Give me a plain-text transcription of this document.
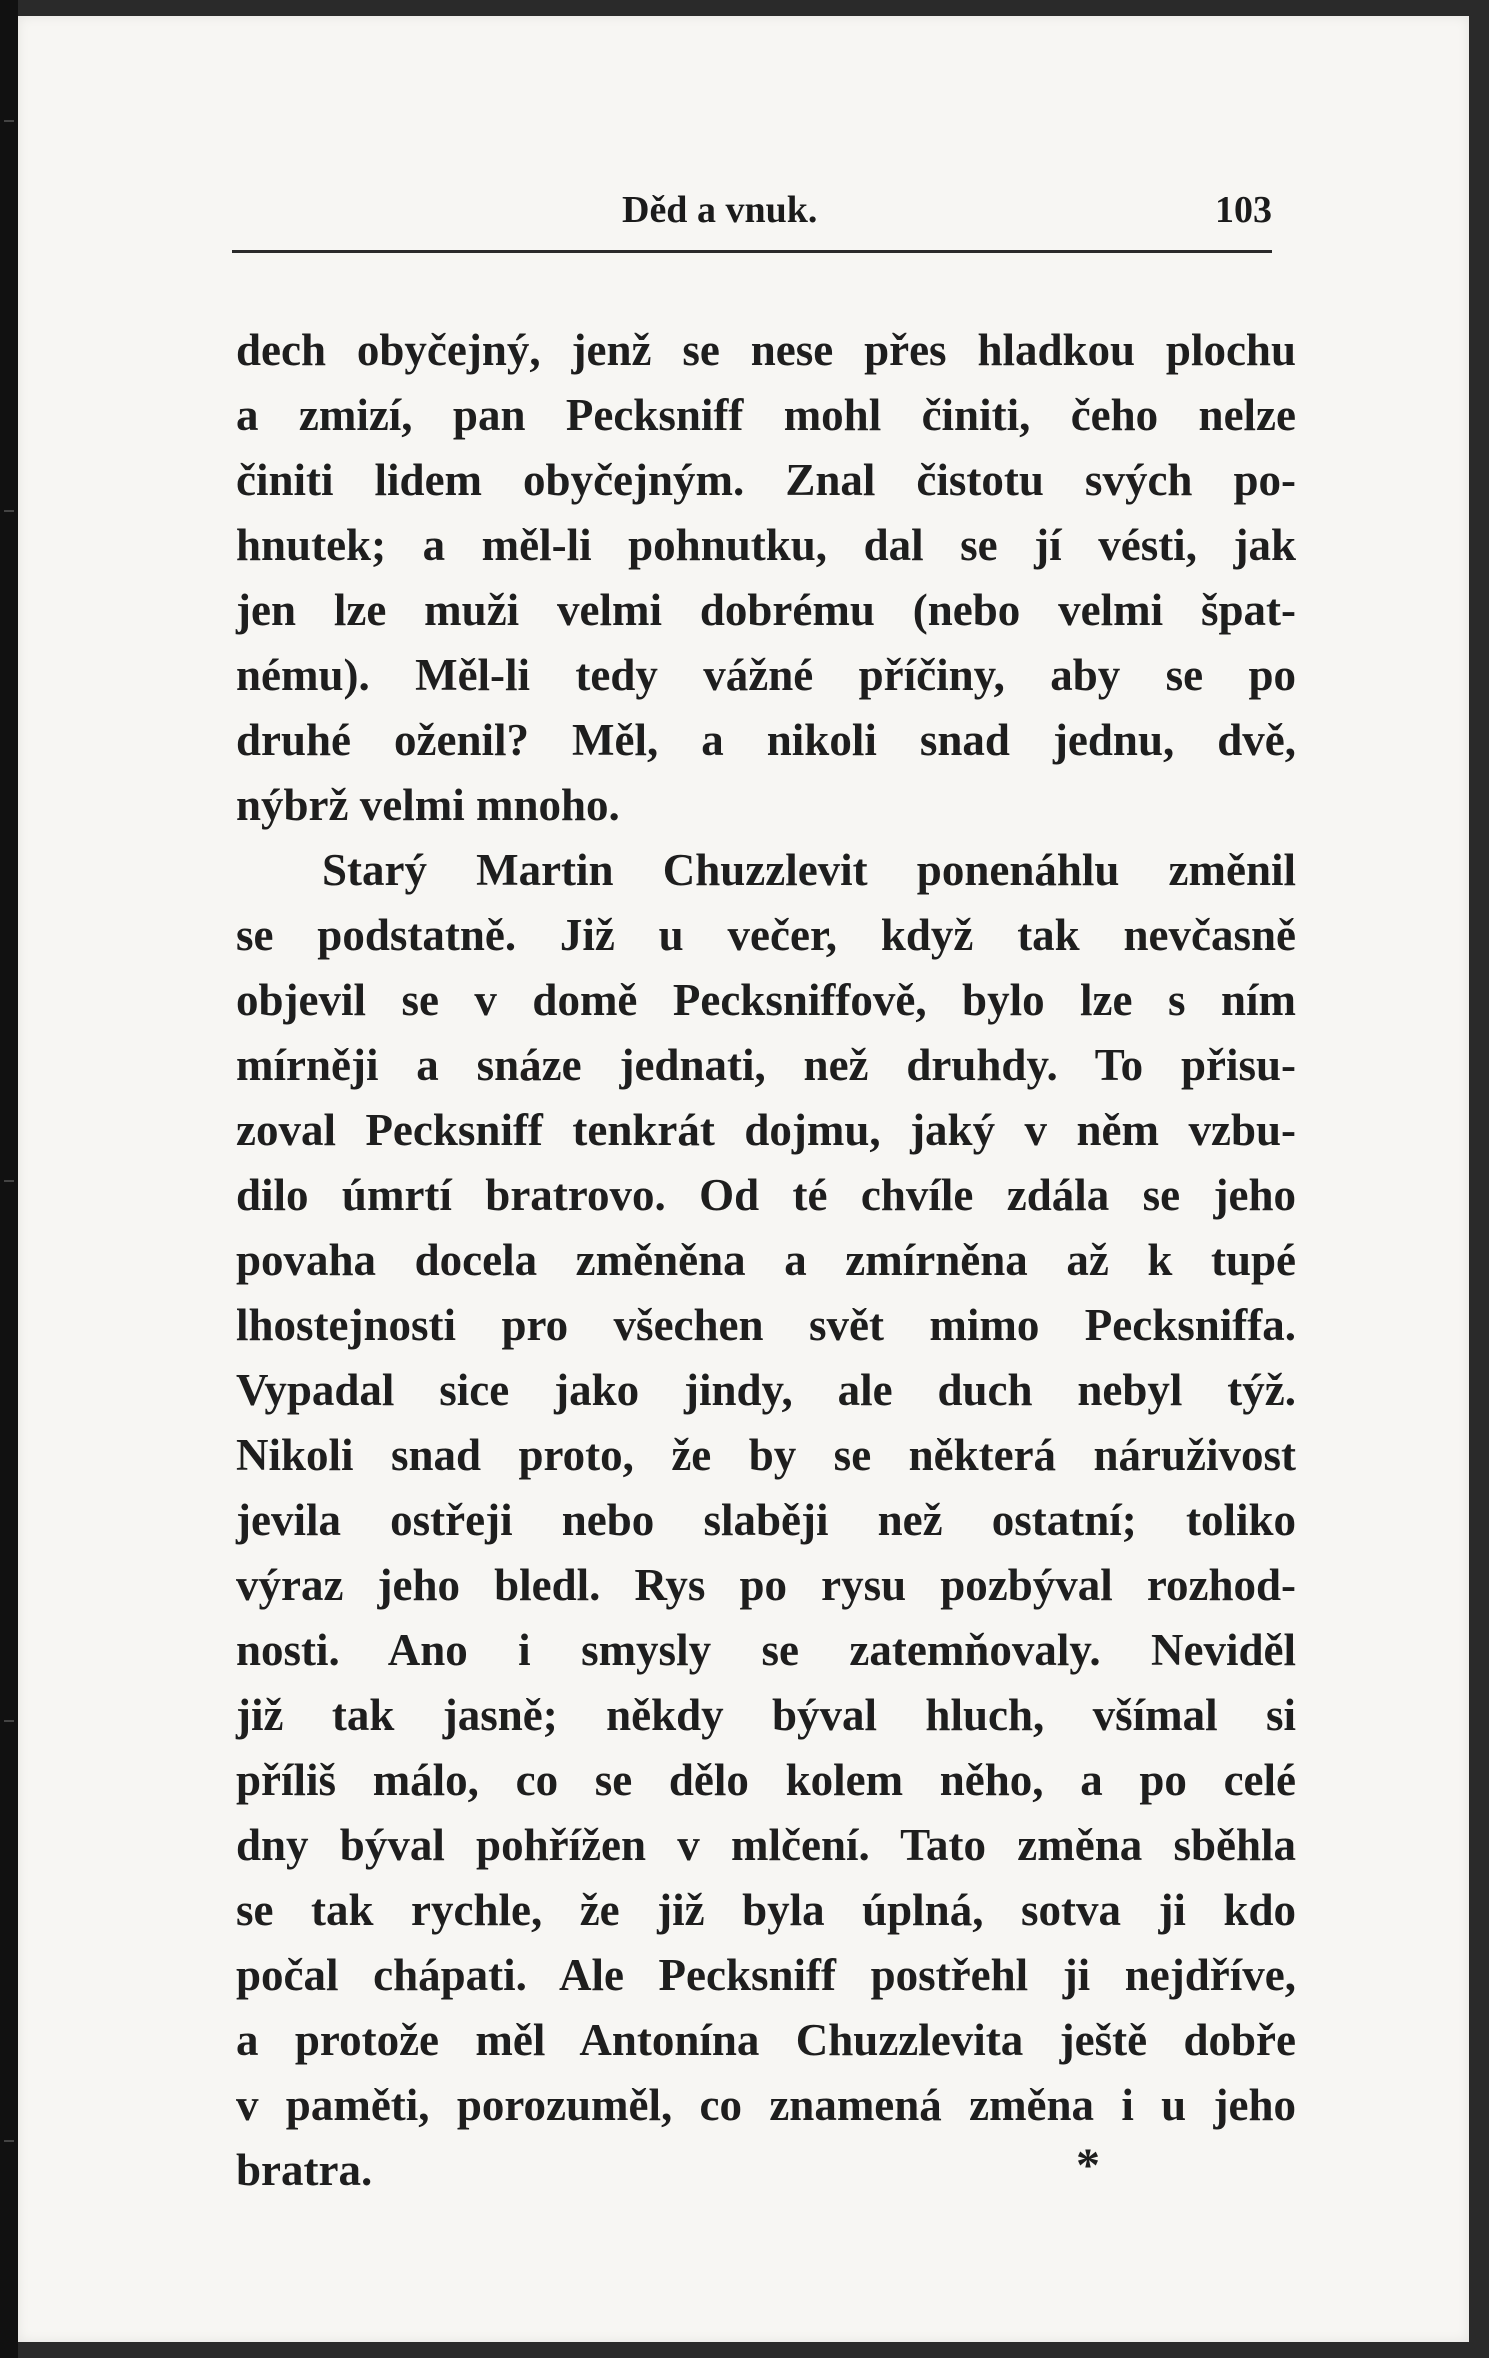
Děd a vnuk.	103
dech obyčejný, jenž se nese přes hladkou plochu
a zmizí, pan Pecksniff mohl činiti, čeho nelze
činiti lidem obyčejným. Znal čistotu svých po-
hnutek; a měl-li pohnutku, dal se jí vésti, jak
jen lze muži velmi dobrému (nebo velmi špat-
nému). Měl-li tedy vážné příčiny, aby se po
druhé oženil? Měl, a nikoli snad jednu, dvě,
nýbrž velmi mnoho.
Starý Martin Chuzzlevit ponenáhlu změnil
se podstatně. Již u večer, když tak nevčasně
objevil se v domě Pecksniffově, bylo lze s ním
mírněji a snáze jednati, než druhdy. To přisu-
zoval Pecksniff tenkrát dojmu, jaký v něm vzbu-
dilo úmrtí bratrovo. Od té chvíle zdála se jeho
povaha docela změněna a zmírněna až k tupé
lhostejnosti pro všechen svět mimo Pecksniffa.
Vypadal sice jako jindy, ale duch nebyl týž.
Nikoli snad proto, že by se některá náruživost
jevila ostřeji nebo slaběji než ostatní; toliko
výraz jeho bledl. Rys po rysu pozbýval rozhod-
nosti. Ano i smysly se zatemňovaly. Neviděl
již tak jasně; někdy býval hluch, všímal si
příliš málo, co se dělo kolem něho, a po celé
dny býval pohřížen v mlčení. Tato změna sběhla
se tak rychle, že již byla úplná, sotva ji kdo
počal chápati. Ale Pecksniff postřehl ji nejdříve,
a protože měl Antonína Chuzzlevita ještě dobře
v paměti, porozuměl, co znamená změna i u jeho
bratra.	*
